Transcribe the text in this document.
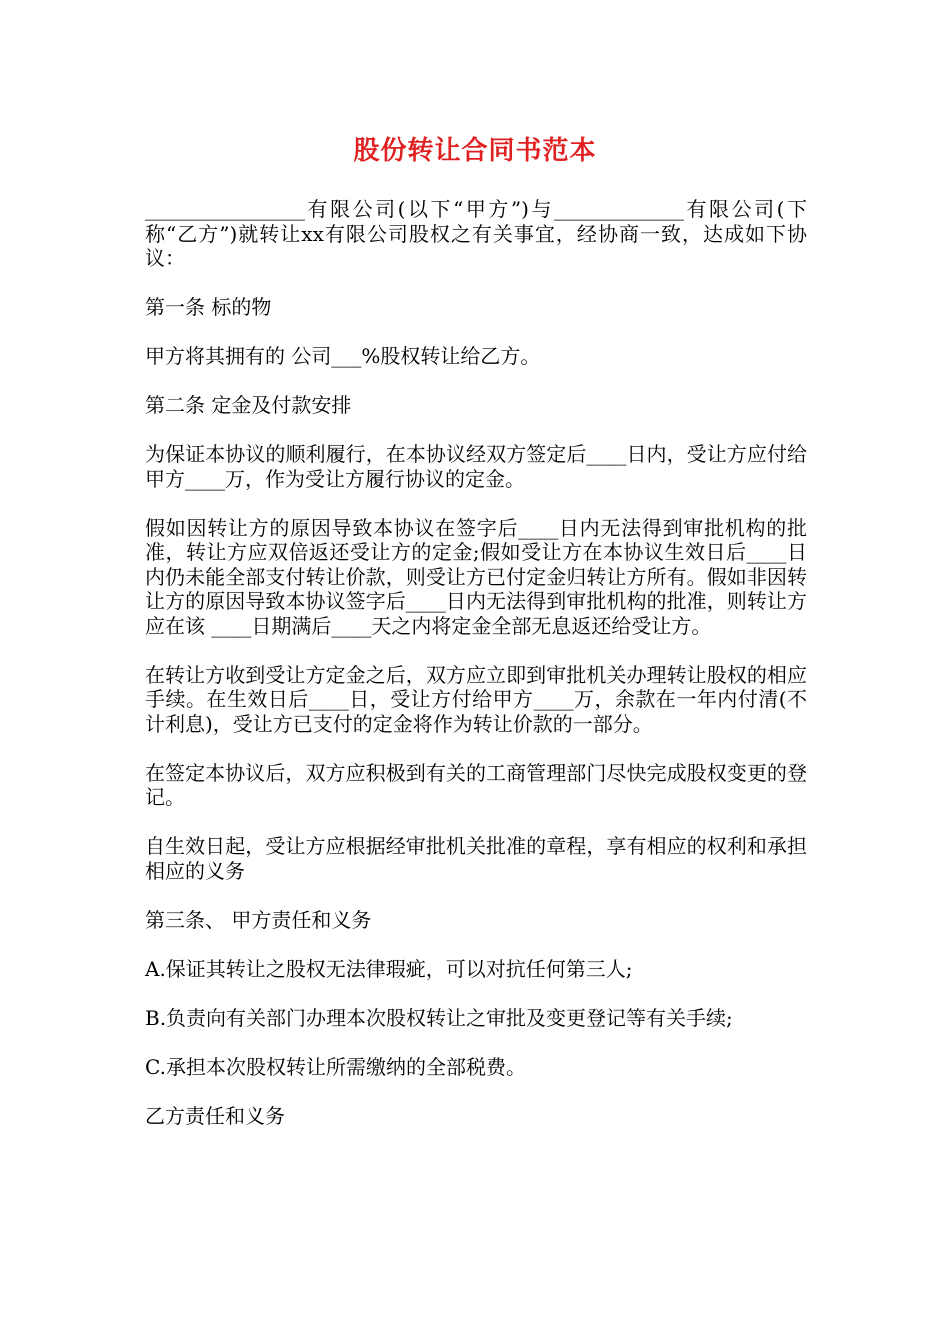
股份转让合同书范本

________________有限公司(以下“甲方”)与_____________有限公司(下称“乙方”)就转让xx有限公司股权之有关事宜，经协商一致，达成如下协议：

第一条 标的物

甲方将其拥有的 公司___%股权转让给乙方。

第二条 定金及付款安排

为保证本协议的顺利履行，在本协议经双方签定后____日内，受让方应付给甲方____万，作为受让方履行协议的定金。

假如因转让方的原因导致本协议在签字后____日内无法得到审批机构的批准，转让方应双倍返还受让方的定金;假如受让方在本协议生效日后____日内仍未能全部支付转让价款，则受让方已付定金归转让方所有。假如非因转让方的原因导致本协议签字后____日内无法得到审批机构的批准，则转让方应在该 ____日期满后____天之内将定金全部无息返还给受让方。

在转让方收到受让方定金之后，双方应立即到审批机关办理转让股权的相应手续。在生效日后____日，受让方付给甲方____万，余款在一年内付清(不计利息)，受让方已支付的定金将作为转让价款的一部分。

在签定本协议后，双方应积极到有关的工商管理部门尽快完成股权变更的登记。

自生效日起，受让方应根据经审批机关批准的章程，享有相应的权利和承担相应的义务

第三条、 甲方责任和义务

A.保证其转让之股权无法律瑕疵，可以对抗任何第三人;

B.负责向有关部门办理本次股权转让之审批及变更登记等有关手续;

C.承担本次股权转让所需缴纳的全部税费。

乙方责任和义务
